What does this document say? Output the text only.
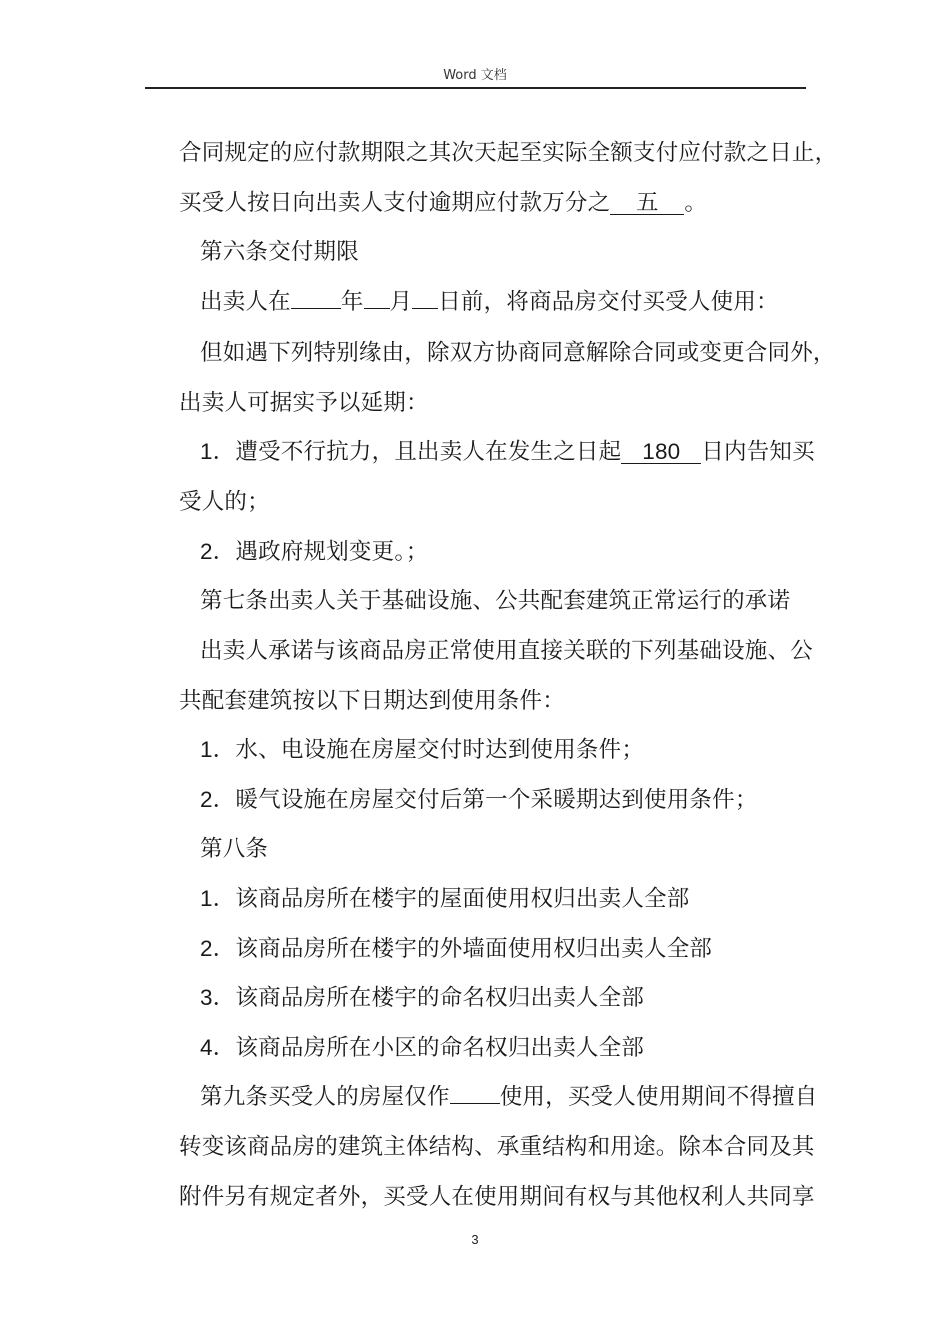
Word 文档
合同规定的应付款期限之其次天起至实际全额支付应付款之日止，
买受人按日向出卖人支付逾期应付款万分之 五 。
第六条交付期限
出卖人在 年 月 日前，将商品房交付买受人使用：
但如遇下列特别缘由，除双方协商同意解除合同或变更合同外，
出卖人可据实予以延期：
1．遭受不行抗力，且出卖人在发生之日起 180 日内告知买
受人的；
2．遇政府规划变更。；
第七条出卖人关于基础设施、公共配套建筑正常运行的承诺
出卖人承诺与该商品房正常使用直接关联的下列基础设施、公
共配套建筑按以下日期达到使用条件：
1．水、电设施在房屋交付时达到使用条件；
2．暖气设施在房屋交付后第一个采暖期达到使用条件；
第八条
1．该商品房所在楼宇的屋面使用权归出卖人全部
2．该商品房所在楼宇的外墙面使用权归出卖人全部
3．该商品房所在楼宇的命名权归出卖人全部
4．该商品房所在小区的命名权归出卖人全部
第九条买受人的房屋仅作 使用，买受人使用期间不得擅自
转变该商品房的建筑主体结构、承重结构和用途。除本合同及其
附件另有规定者外，买受人在使用期间有权与其他权利人共同享
3
